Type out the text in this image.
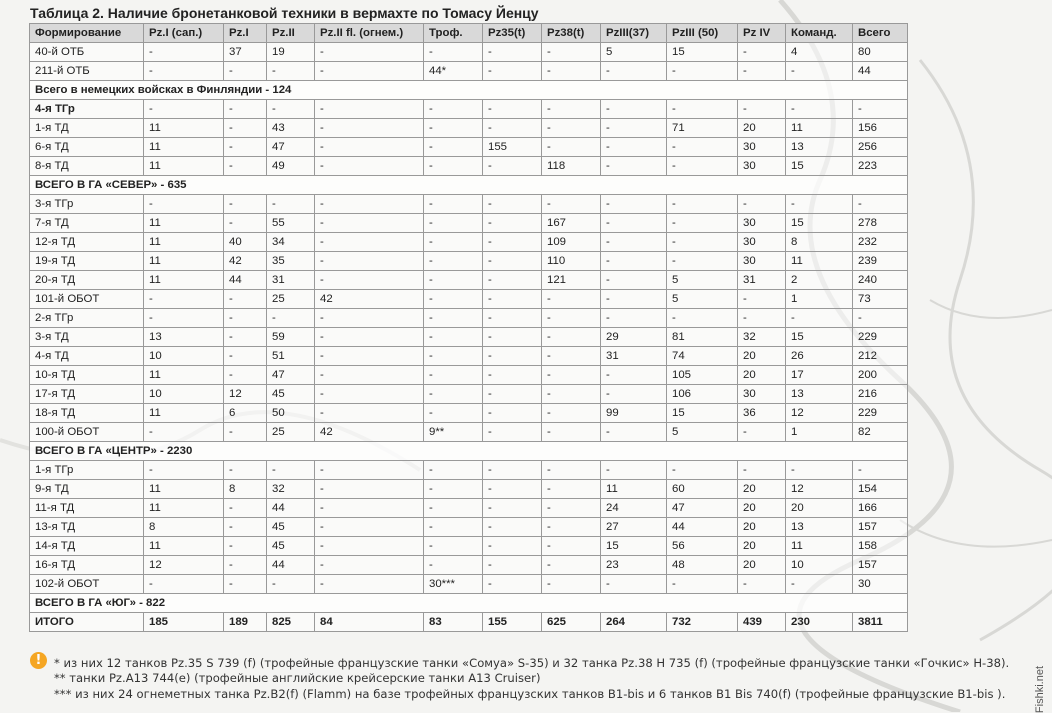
Таблица 2. Наличие бронетанковой техники в вермахте по Томасу Йенцу
Формирование	Pz.I (сап.)	Pz.I	Pz.II	Pz.II fl. (огнем.)	Троф.	Pz35(t)	Pz38(t)	PzIII(37)	PzIII (50)	Pz IV	Команд.	Всего
40-й ОТБ	-	37	19	-	-	-	-	5	15	-	4	80
211-й ОТБ	-	-	-	-	44*	-	-	-	-	-	-	44
Всего в немецких войсках в Финляндии - 124												
4-я ТГр	-	-	-	-	-	-	-	-	-	-	-	-
1-я ТД	11	-	43	-	-	-	-	-	71	20	11	156
6-я ТД	11	-	47	-	-	155	-	-	-	30	13	256
8-я ТД	11	-	49	-	-	-	118	-	-	30	15	223
ВСЕГО В ГА «СЕВЕР» - 635												
3-я ТГр	-	-	-	-	-	-	-	-	-	-	-	-
7-я ТД	11	-	55	-	-	-	167	-	-	30	15	278
12-я ТД	11	40	34	-	-	-	109	-	-	30	8	232
19-я ТД	11	42	35	-	-	-	110	-	-	30	11	239
20-я ТД	11	44	31	-	-	-	121	-	5	31	2	240
101-й ОБОТ	-	-	25	42	-	-	-	-	5	-	1	73
2-я ТГр	-	-	-	-	-	-	-	-	-	-	-	-
3-я ТД	13	-	59	-	-	-	-	29	81	32	15	229
4-я ТД	10	-	51	-	-	-	-	31	74	20	26	212
10-я ТД	11	-	47	-	-	-	-	-	105	20	17	200
17-я ТД	10	12	45	-	-	-	-	-	106	30	13	216
18-я ТД	11	6	50	-	-	-	-	99	15	36	12	229
100-й ОБОТ	-	-	25	42	9**	-	-	-	5	-	1	82
ВСЕГО В ГА «ЦЕНТР» - 2230												
1-я ТГр	-	-	-	-	-	-	-	-	-	-	-	-
9-я ТД	11	8	32	-	-	-	-	11	60	20	12	154
11-я ТД	11	-	44	-	-	-	-	24	47	20	20	166
13-я ТД	8	-	45	-	-	-	-	27	44	20	13	157
14-я ТД	11	-	45	-	-	-	-	15	56	20	11	158
16-я ТД	12	-	44	-	-	-	-	23	48	20	10	157
102-й ОБОТ	-	-	-	-	30***	-	-	-	-	-	-	30
ВСЕГО В ГА «ЮГ» - 822												
ИТОГО	185	189	825	84	83	155	625	264	732	439	230	3811
!	* из них 12 танков Pz.35 S 739 (f) (трофейные французские танки «Сомуа» S-35) и 32 танка Pz.38 H 735 (f) (трофейные французские танки «Гочкис» H-38).
** танки Pz.A13 744(e) (трофейные английские крейсерские танки A13 Cruiser)
*** из них 24 огнеметных танка Pz.B2(f) (Flamm) на базе трофейных французских танков B1-bis и 6 танков B1 Bis 740(f) (трофейные французские B1-bis ).	Fishki.net
